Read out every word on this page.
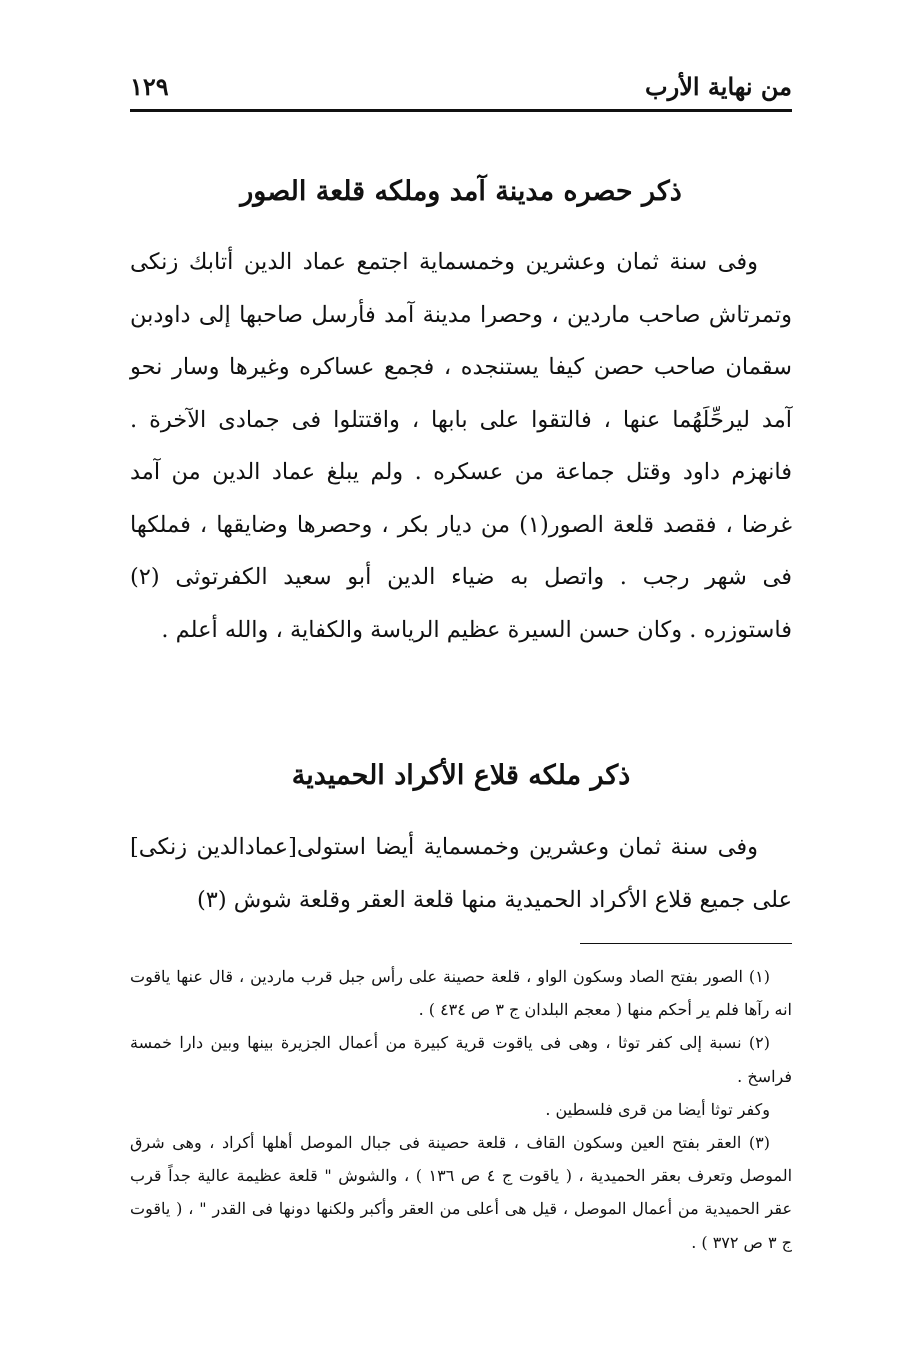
من نهاية الأرب
١٢٩
ذكر حصره مدينة آمد وملكه قلعة الصور

وفى سنة ثمان وعشرين وخمسماية اجتمع عماد الدين أتابك زنكى وتمرتاش صاحب ماردين ، وحصرا مدينة آمد فأرسل صاحبها إلى داودبن سقمان صاحب حصن كيفا يستنجده ، فجمع عساكره وغيرها وسار نحو آمد ليرحِّلَهُما عنها ، فالتقوا على بابها ، واقتتلوا فى جمادى الآخرة . فانهزم داود وقتل جماعة من عسكره . ولم يبلغ عماد الدين من آمد غرضا ، فقصد قلعة الصور(١) من ديار بكر ، وحصرها وضايقها ، فملكها فى شهر رجب . واتصل به ضياء الدين أبو سعيد الكفرتوثى (٢) فاستوزره . وكان حسن السيرة عظيم الرياسة والكفاية ، والله أعلم .

ذكر ملكه قلاع الأكراد الحميدية

وفى سنة ثمان وعشرين وخمسماية أيضا استولى[عمادالدين زنكى] على جميع قلاع الأكراد الحميدية منها قلعة العقر وقلعة شوش (٣)

(١) الصور بفتح الصاد وسكون الواو ، قلعة حصينة على رأس جبل قرب ماردين ، قال عنها ياقوت انه رآها فلم ير أحكم منها ( معجم البلدان ج ٣ ص ٤٣٤ ) .

(٢) نسبة إلى كفر توثا ، وهى فى ياقوت قرية كبيرة من أعمال الجزيرة بينها وبين دارا خمسة فراسخ .

وكفر توثا أيضا من قرى فلسطين .

(٣) العقر بفتح العين وسكون القاف ، قلعة حصينة فى جبال الموصل أهلها أكراد ، وهى شرق الموصل وتعرف بعقر الحميدية ، ( ياقوت ج ٤ ص ١٣٦ ) ، والشوش " قلعة عظيمة عالية جداً قرب عقر الحميدية من أعمال الموصل ، قيل هى أعلى من العقر وأكبر ولكنها دونها فى القدر " ، ( ياقوت ج ٣ ص ٣٧٢ ) .
